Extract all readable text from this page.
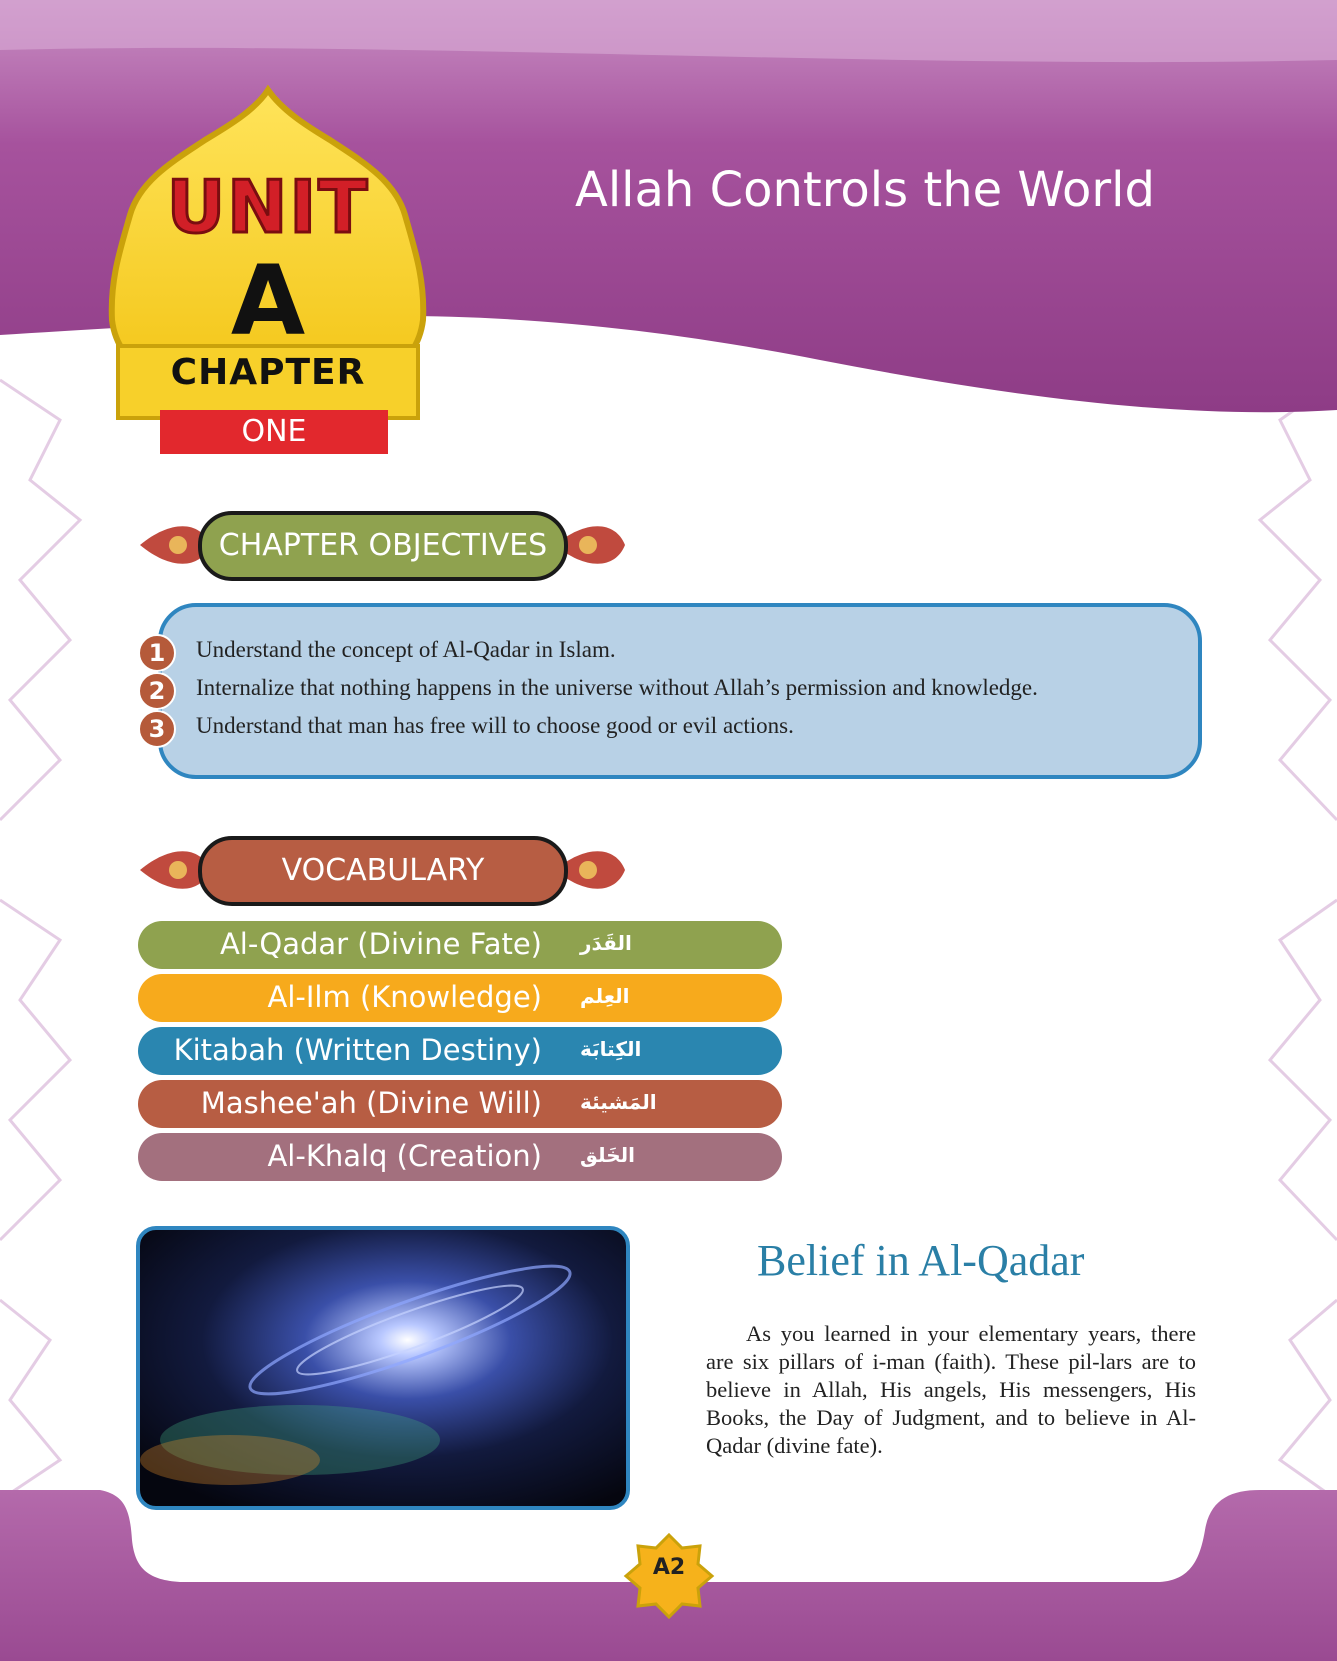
UNIT
A
CHAPTER
ONE
Allah Controls the World
CHAPTER OBJECTIVES
1	Understand the concept of Al-Qadar in Islam.
2	Internalize that nothing happens in the universe without Allah’s permission and knowledge.
3	Understand that man has free will to choose good or evil actions.
VOCABULARY
Al-Qadar (Divine Fate) القَدَر
Al-Ilm (Knowledge) العِلم
Kitabah (Written Destiny) الكِتابَة
Mashee'ah (Divine Will) المَشيئة
Al-Khalq (Creation) الخَلق
Belief in Al-Qadar
As you learned in your elementary years, there are six pillars of i-man (faith). These pil-lars are to believe in Allah, His angels, His messengers, His Books, the Day of Judgment, and to believe in Al-Qadar (divine fate).
A2
